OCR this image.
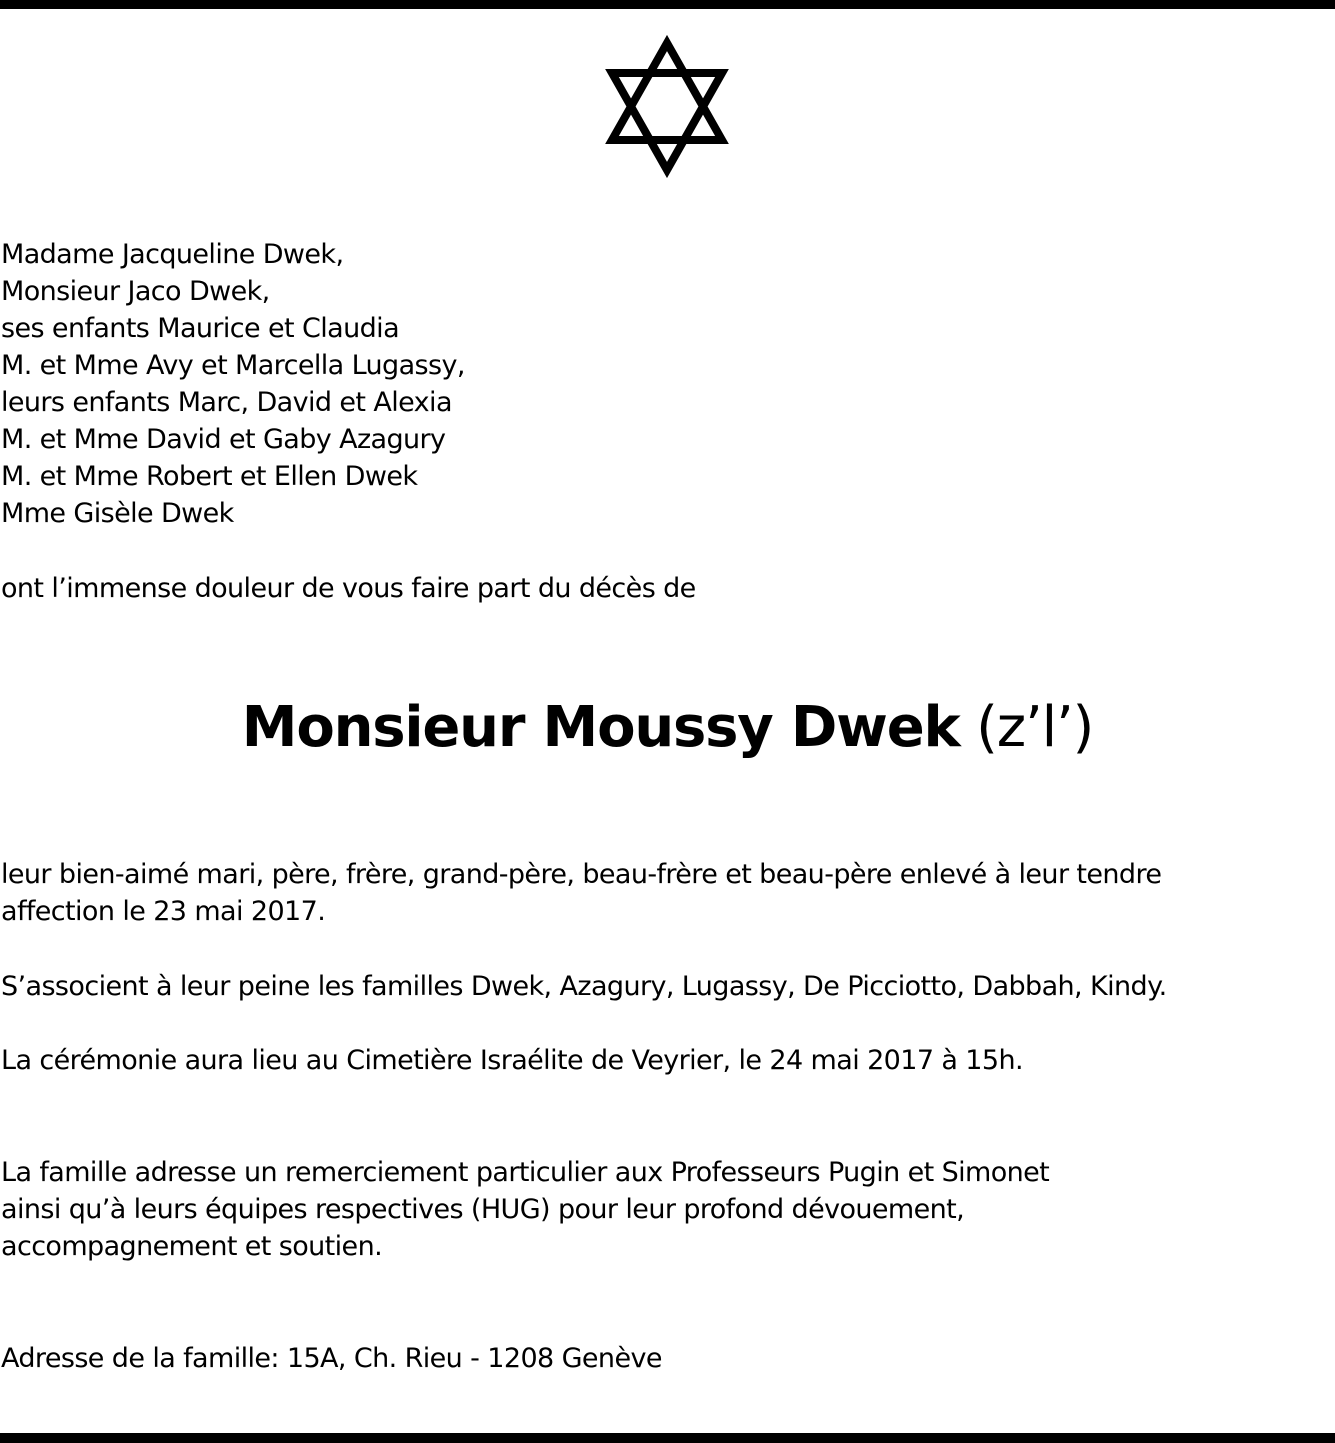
Madame Jacqueline Dwek,
Monsieur Jaco Dwek,
ses enfants Maurice et Claudia
M. et Mme Avy et Marcella Lugassy,
leurs enfants Marc, David et Alexia
M. et Mme David et Gaby Azagury
M. et Mme Robert et Ellen Dwek
Mme Gisèle Dwek
ont l’immense douleur de vous faire part du décès de
Monsieur Moussy Dwek (z’l’)
leur bien-aimé mari, père, frère, grand-père, beau-frère et beau-père enlevé à leur tendre
affection le 23 mai 2017.
S’associent à leur peine les familles Dwek, Azagury, Lugassy, De Picciotto, Dabbah, Kindy.
La cérémonie aura lieu au Cimetière Israélite de Veyrier, le 24 mai 2017 à 15h.
La famille adresse un remerciement particulier aux Professeurs Pugin et Simonet
ainsi qu’à leurs équipes respectives (HUG) pour leur profond dévouement,
accompagnement et soutien.
Adresse de la famille: 15A, Ch. Rieu - 1208 Genève
